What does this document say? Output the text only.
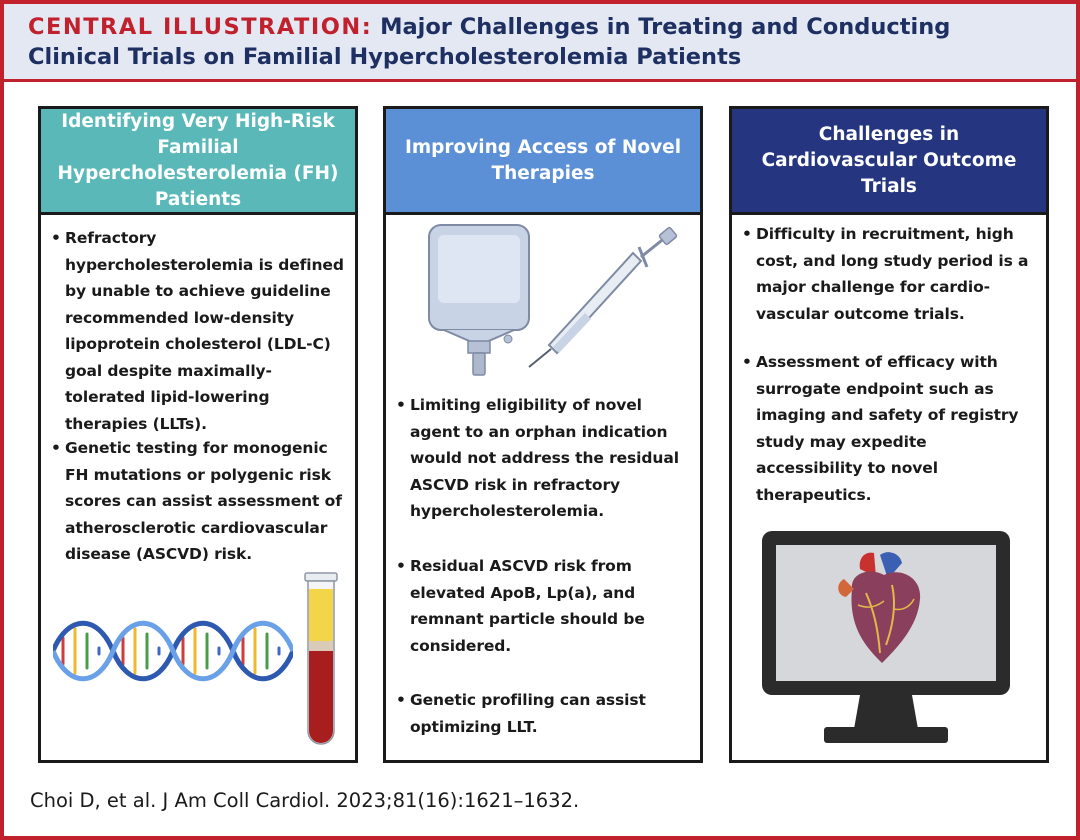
CENTRAL ILLUSTRATION: Major Challenges in Treating and Conducting
Clinical Trials on Familial Hypercholesterolemia Patients
Identifying Very High-Risk Familial Hypercholesterolemia (FH) Patients
• Refractory hypercholesterolemia is defined by unable to achieve guideline recommended low-density lipoprotein cholesterol (LDL-C) goal despite maximally-tolerated lipid-lowering therapies (LLTs).
• Genetic testing for monogenic FH mutations or polygenic risk scores can assist assessment of atherosclerotic cardiovascular disease (ASCVD) risk.
Improving Access of Novel Therapies
• Limiting eligibility of novel agent to an orphan indication would not address the residual ASCVD risk in refractory hypercholesterolemia.
• Residual ASCVD risk from elevated ApoB, Lp(a), and remnant particle should be considered.
• Genetic profiling can assist optimizing LLT.
Challenges in Cardiovascular Outcome Trials
• Difficulty in recruitment, high cost, and long study period is a major challenge for cardio-vascular outcome trials.
• Assessment of efficacy with surrogate endpoint such as imaging and safety of registry study may expedite accessibility to novel therapeutics.
Choi D, et al. J Am Coll Cardiol. 2023;81(16):1621–1632.
